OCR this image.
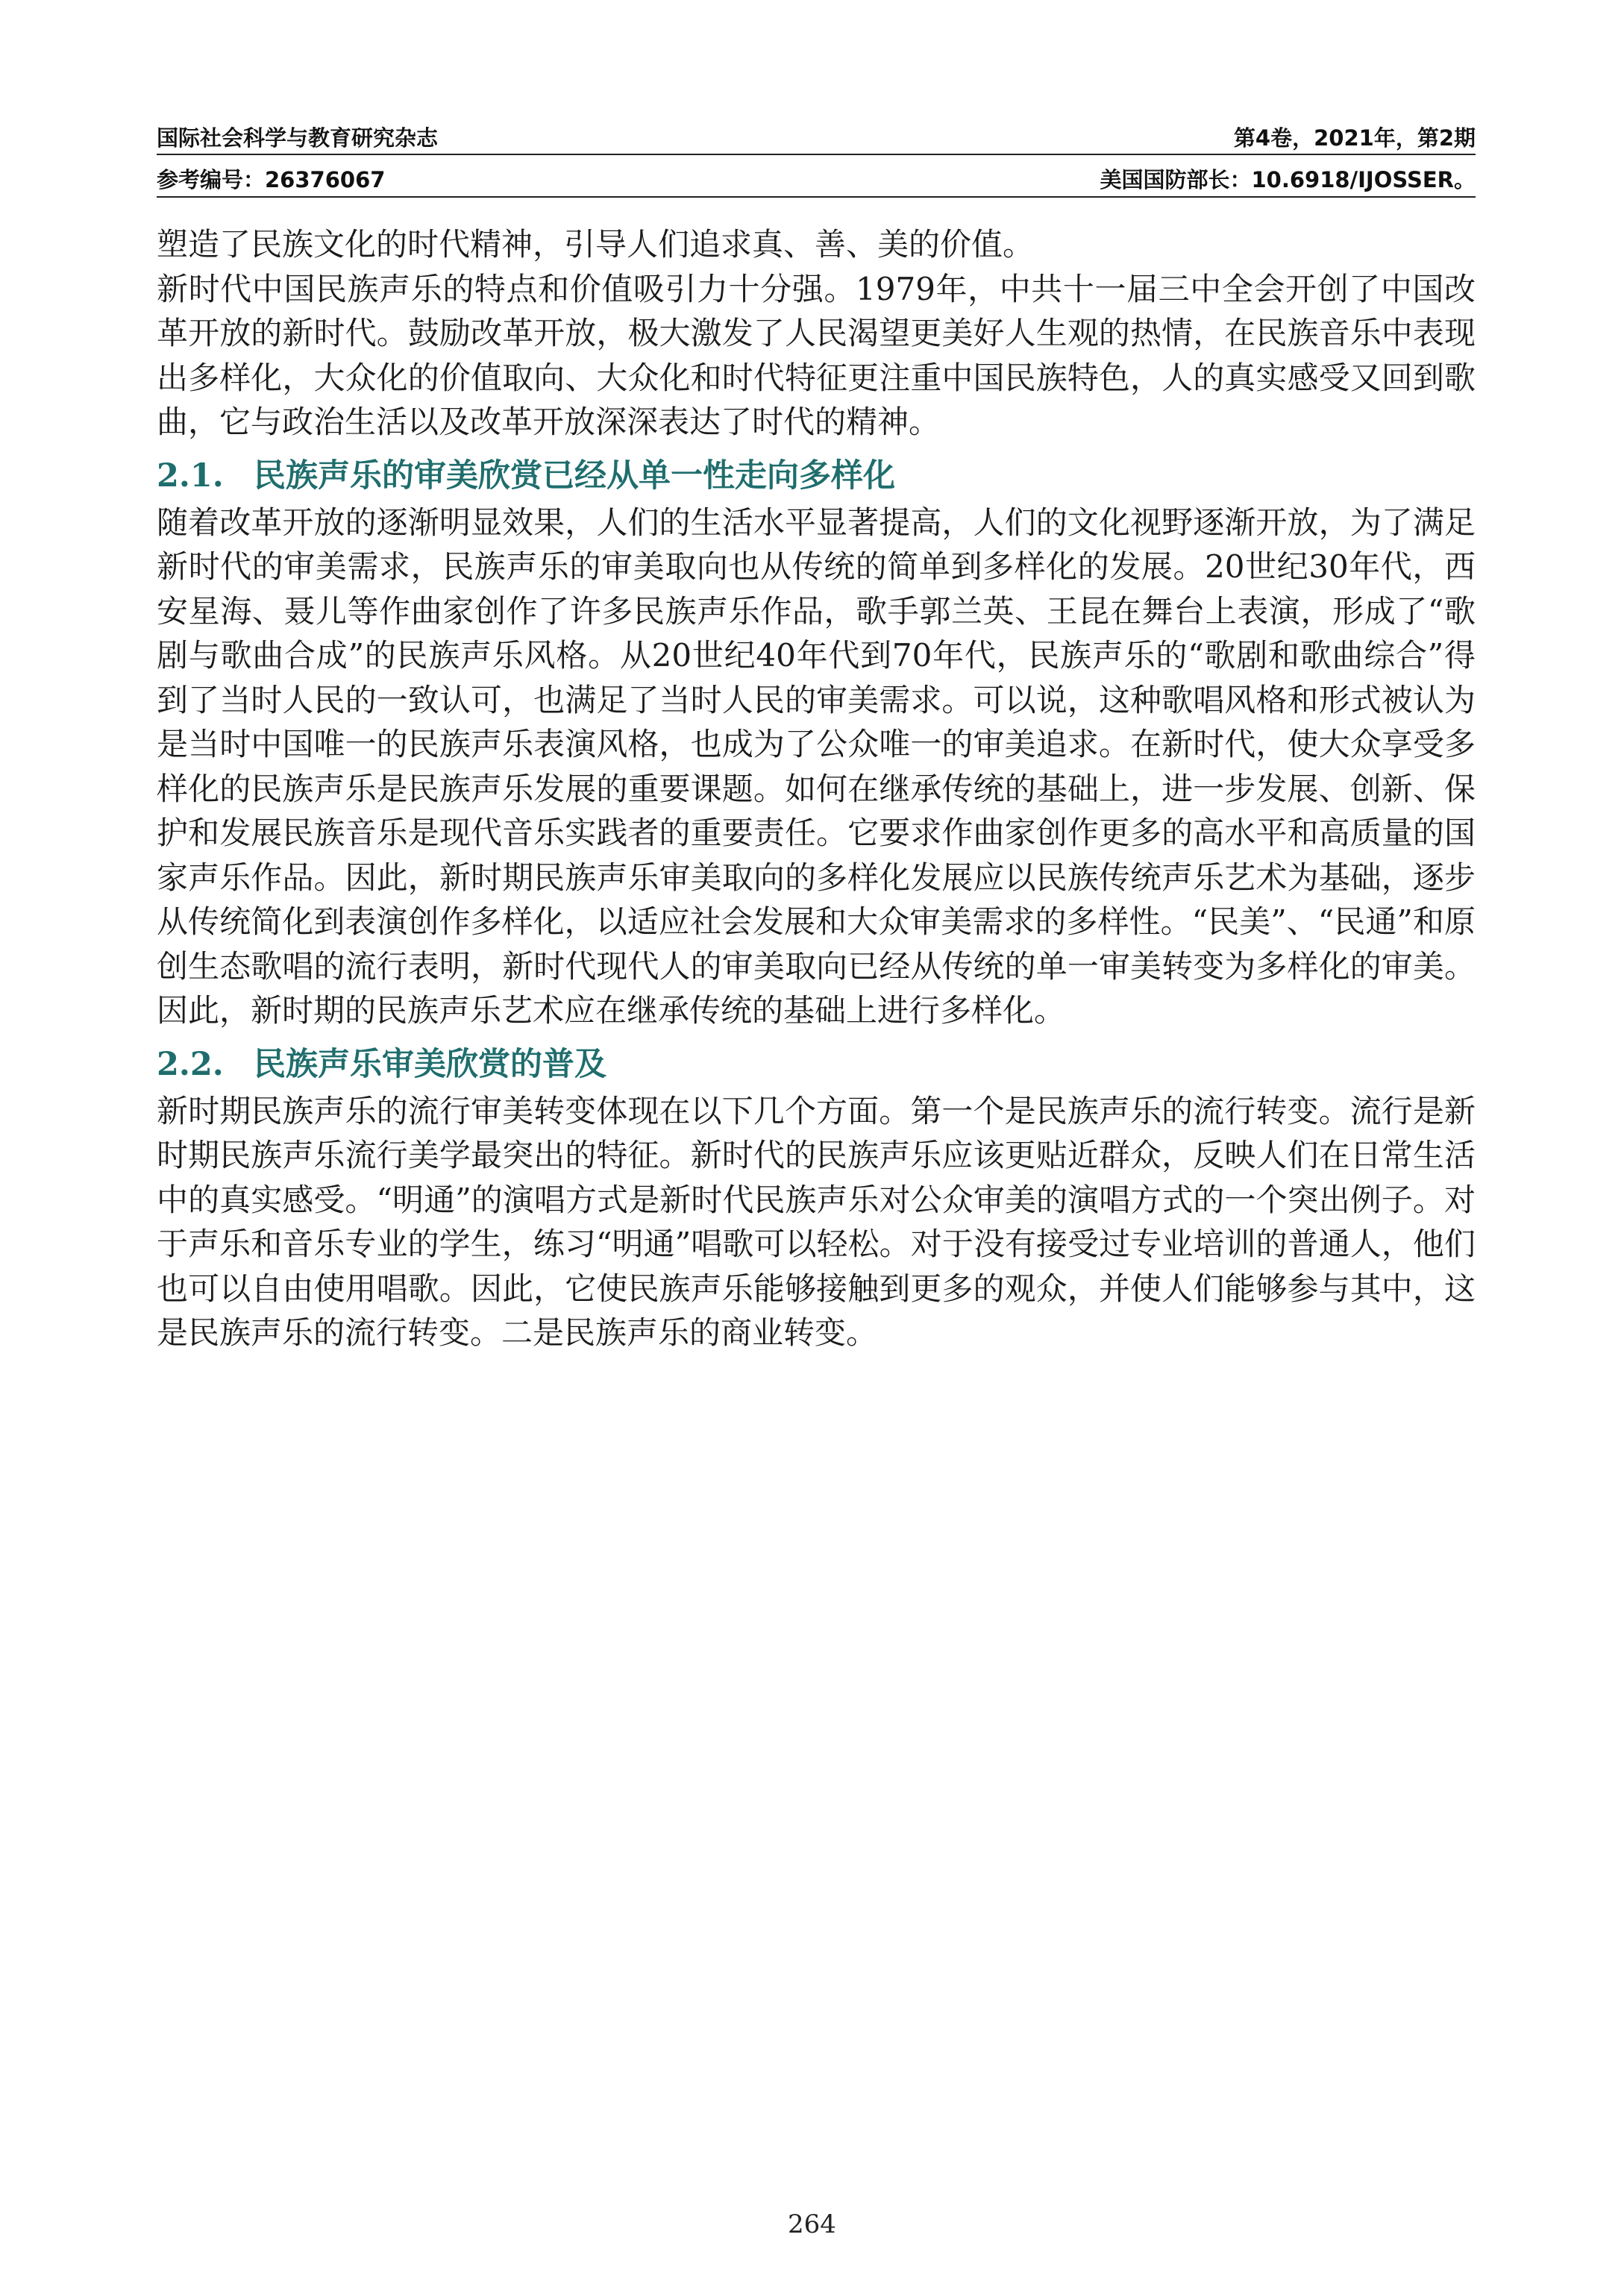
国际社会科学与教育研究杂志	第4卷，2021年，第2期
参考编号：26376067	美国国防部长：10.6918/IJOSSER。

塑造了民族文化的时代精神，引导人们追求真、善、美的价值。

新时代中国民族声乐的特点和价值吸引力十分强。1979年，中共十一届三中全会开创了中国改革开放的新时代。鼓励改革开放，极大激发了人民渴望更美好人生观的热情，在民族音乐中表现出多样化，大众化的价值取向、大众化和时代特征更注重中国民族特色，人的真实感受又回到歌曲，它与政治生活以及改革开放深深表达了时代的精神。

2.1. 民族声乐的审美欣赏已经从单一性走向多样化

随着改革开放的逐渐明显效果，人们的生活水平显著提高，人们的文化视野逐渐开放，为了满足新时代的审美需求，民族声乐的审美取向也从传统的简单到多样化的发展。20世纪30年代，西安星海、聂儿等作曲家创作了许多民族声乐作品，歌手郭兰英、王昆在舞台上表演，形成了“歌剧与歌曲合成”的民族声乐风格。从20世纪40年代到70年代，民族声乐的“歌剧和歌曲综合”得到了当时人民的一致认可，也满足了当时人民的审美需求。可以说，这种歌唱风格和形式被认为是当时中国唯一的民族声乐表演风格，也成为了公众唯一的审美追求。在新时代，使大众享受多样化的民族声乐是民族声乐发展的重要课题。如何在继承传统的基础上，进一步发展、创新、保护和发展民族音乐是现代音乐实践者的重要责任。它要求作曲家创作更多的高水平和高质量的国家声乐作品。因此，新时期民族声乐审美取向的多样化发展应以民族传统声乐艺术为基础，逐步从传统简化到表演创作多样化，以适应社会发展和大众审美需求的多样性。“民美”、“民通”和原创生态歌唱的流行表明，新时代现代人的审美取向已经从传统的单一审美转变为多样化的审美。因此，新时期的民族声乐艺术应在继承传统的基础上进行多样化。

2.2. 民族声乐审美欣赏的普及

新时期民族声乐的流行审美转变体现在以下几个方面。第一个是民族声乐的流行转变。流行是新时期民族声乐流行美学最突出的特征。新时代的民族声乐应该更贴近群众，反映人们在日常生活中的真实感受。“明通”的演唱方式是新时代民族声乐对公众审美的演唱方式的一个突出例子。对于声乐和音乐专业的学生，练习“明通”唱歌可以轻松。对于没有接受过专业培训的普通人，他们也可以自由使用唱歌。因此，它使民族声乐能够接触到更多的观众，并使人们能够参与其中，这是民族声乐的流行转变。二是民族声乐的商业转变。

264
